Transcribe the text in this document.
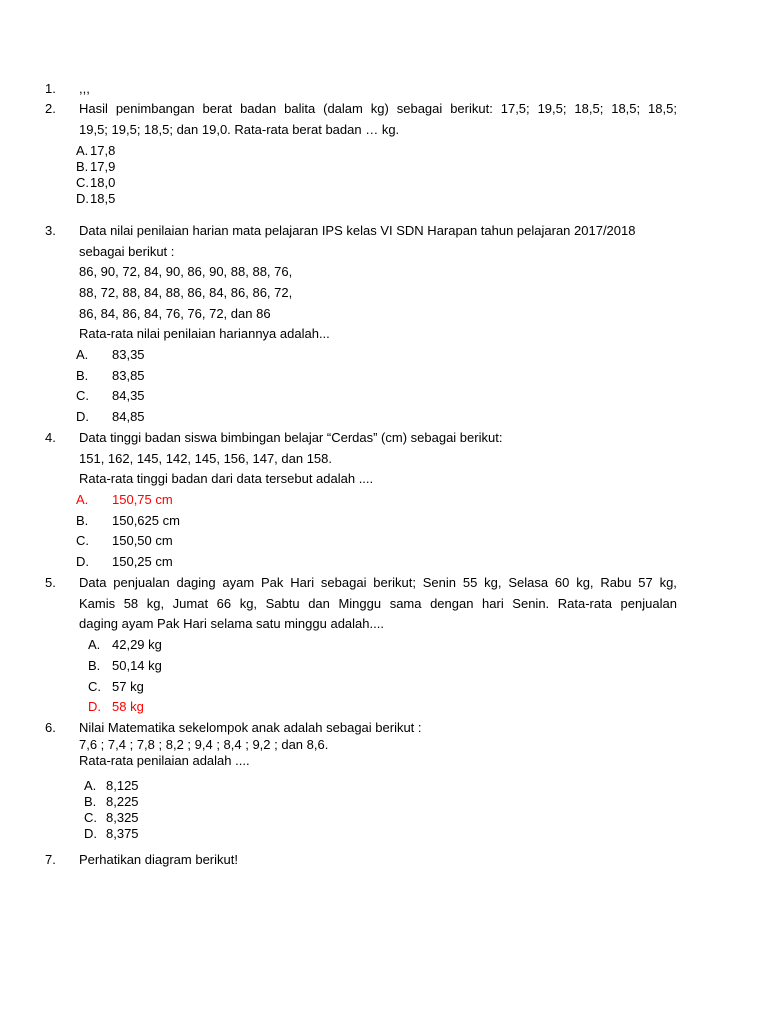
1. ,,,
2. Hasil penimbangan berat badan balita (dalam kg) sebagai berikut: 17,5; 19,5; 18,5; 18,5; 18,5;
19,5; 19,5; 18,5; dan 19,0. Rata-rata berat badan … kg.
A. 17,8
B. 17,9
C. 18,0
D. 18,5
3. Data nilai penilaian harian mata pelajaran IPS kelas VI SDN Harapan tahun pelajaran 2017/2018
sebagai berikut :
86, 90, 72, 84, 90, 86, 90, 88, 88, 76,
88, 72, 88, 84, 88, 86, 84, 86, 86, 72,
86, 84, 86, 84, 76, 76, 72, dan 86
Rata-rata nilai penilaian hariannya adalah...
A. 83,35
B. 83,85
C. 84,35
D. 84,85
4. Data tinggi badan siswa bimbingan belajar “Cerdas” (cm) sebagai berikut:
151, 162, 145, 142, 145, 156, 147, dan 158.
Rata-rata tinggi badan dari data tersebut adalah ....
A. 150,75 cm
B. 150,625 cm
C. 150,50 cm
D. 150,25 cm
5. Data penjualan daging ayam Pak Hari sebagai berikut; Senin 55 kg, Selasa 60 kg, Rabu 57 kg,
Kamis 58 kg, Jumat 66 kg, Sabtu dan Minggu sama dengan hari Senin. Rata-rata penjualan
daging ayam Pak Hari selama satu minggu adalah....
A. 42,29 kg
B. 50,14 kg
C. 57 kg
D. 58 kg
6. Nilai Matematika sekelompok anak adalah sebagai berikut :
7,6 ; 7,4 ; 7,8 ; 8,2 ; 9,4 ; 8,4 ; 9,2 ; dan 8,6.
Rata-rata penilaian adalah ....
A. 8,125
B. 8,225
C. 8,325
D. 8,375
7. Perhatikan diagram berikut!
